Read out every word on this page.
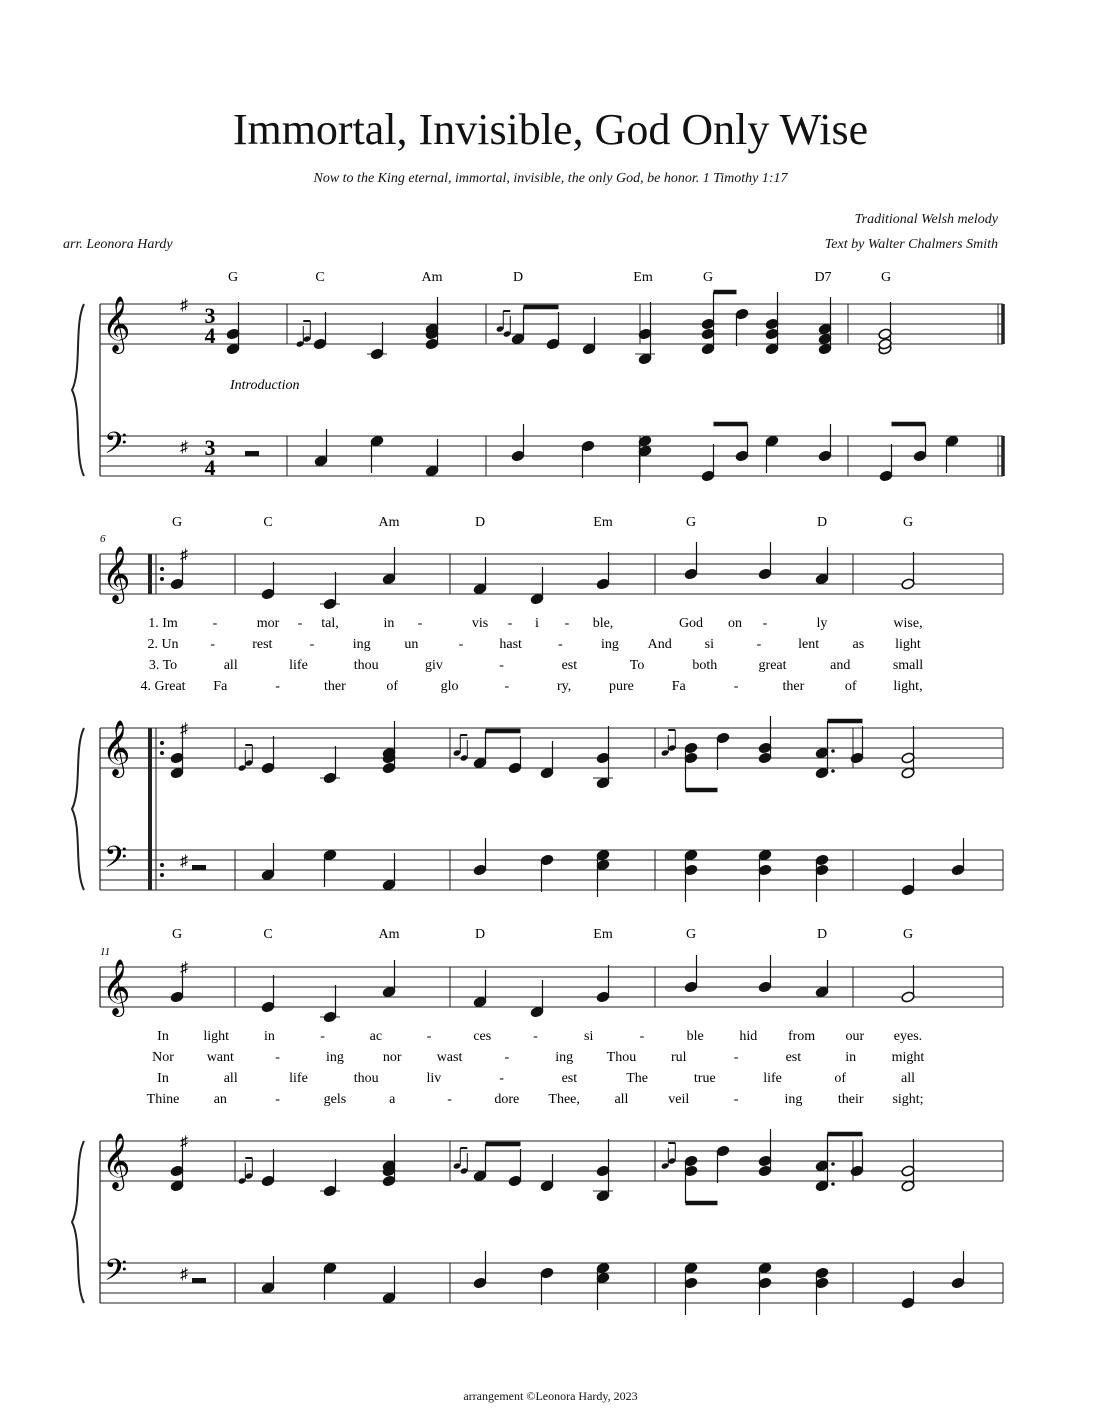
Immortal, Invisible, God Only Wise
Now to the King eternal, immortal, invisible, the only God, be honor. 1 Timothy 1:17
Traditional Welsh melody
Text by Walter Chalmers Smith
arr. Leonora Hardy
𝄞
𝄢
♯
♯
3
4
3
4
Introduction
G	C	Am	D	Em	G	D7	G
𝄞
𝄞
𝄢
♯
♯
♯
6
G	C	Am	D	Em	G	D	G
1. Im -	mor - tal,	in -	vis - i - ble,	God on -	ly	wise,
2. Un -	rest	-	ing un	-	hast	-	ing And si	-	lent as light
3. To	all	life	thou	giv	-	est	To	both	great	and	small
4. Great Fa	-	ther	of	glo	-	ry,	pure	Fa	-	ther	of	light,
𝄞
𝄞
𝄢
♯
♯
♯
11
G	C	Am	D	Em	G	D	G
In light in	-	ac	-	ces	-	si	-	ble	hid from our eyes.
Nor want	-	ing	nor	wast	-	ing Thou rul	-	est	in	might
In	all	life	thou	liv	-	est	The	true	life	of	all
Thine an	-	gels	a	-	dore Thee, all	veil	-	ing	their sight;
arrangement ©Leonora Hardy, 2023
